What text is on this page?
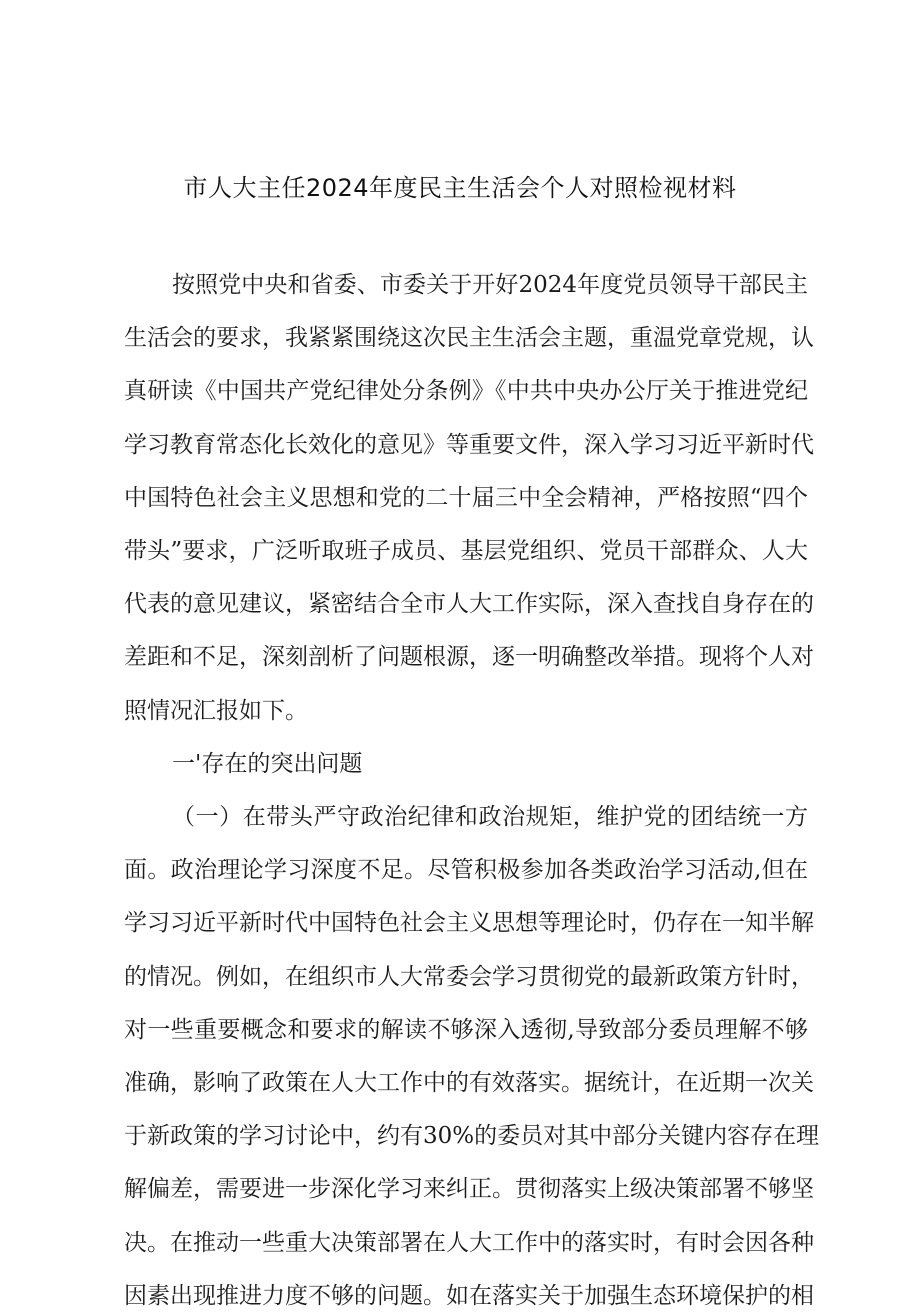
市人大主任2024年度民主生活会个人对照检视材料
按照党中央和省委、市委关于开好2024年度党员领导干部民主
生活会的要求，我紧紧围绕这次民主生活会主题，重温党章党规，认
真研读《中国共产党纪律处分条例》《中共中央办公厅关于推进党纪
学习教育常态化长效化的意见》等重要文件，深入学习习近平新时代
中国特色社会主义思想和党的二十届三中全会精神，严格按照“四个
带头”要求，广泛听取班子成员、基层党组织、党员干部群众、人大
代表的意见建议，紧密结合全市人大工作实际，深入查找自身存在的
差距和不足，深刻剖析了问题根源，逐一明确整改举措。现将个人对
照情况汇报如下。
一'存在的突出问题
（一）在带头严守政治纪律和政治规矩，维护党的团结统一方
面。政治理论学习深度不足。尽管积极参加各类政治学习活动,但在
学习习近平新时代中国特色社会主义思想等理论时，仍存在一知半解
的情况。例如，在组织市人大常委会学习贯彻党的最新政策方针时，
对一些重要概念和要求的解读不够深入透彻,导致部分委员理解不够
准确，影响了政策在人大工作中的有效落实。据统计，在近期一次关
于新政策的学习讨论中，约有30%的委员对其中部分关键内容存在理
解偏差，需要进一步深化学习来纠正。贯彻落实上级决策部署不够坚
决。在推动一些重大决策部署在人大工作中的落实时，有时会因各种
因素出现推进力度不够的问题。如在落实关于加强生态环境保护的相
